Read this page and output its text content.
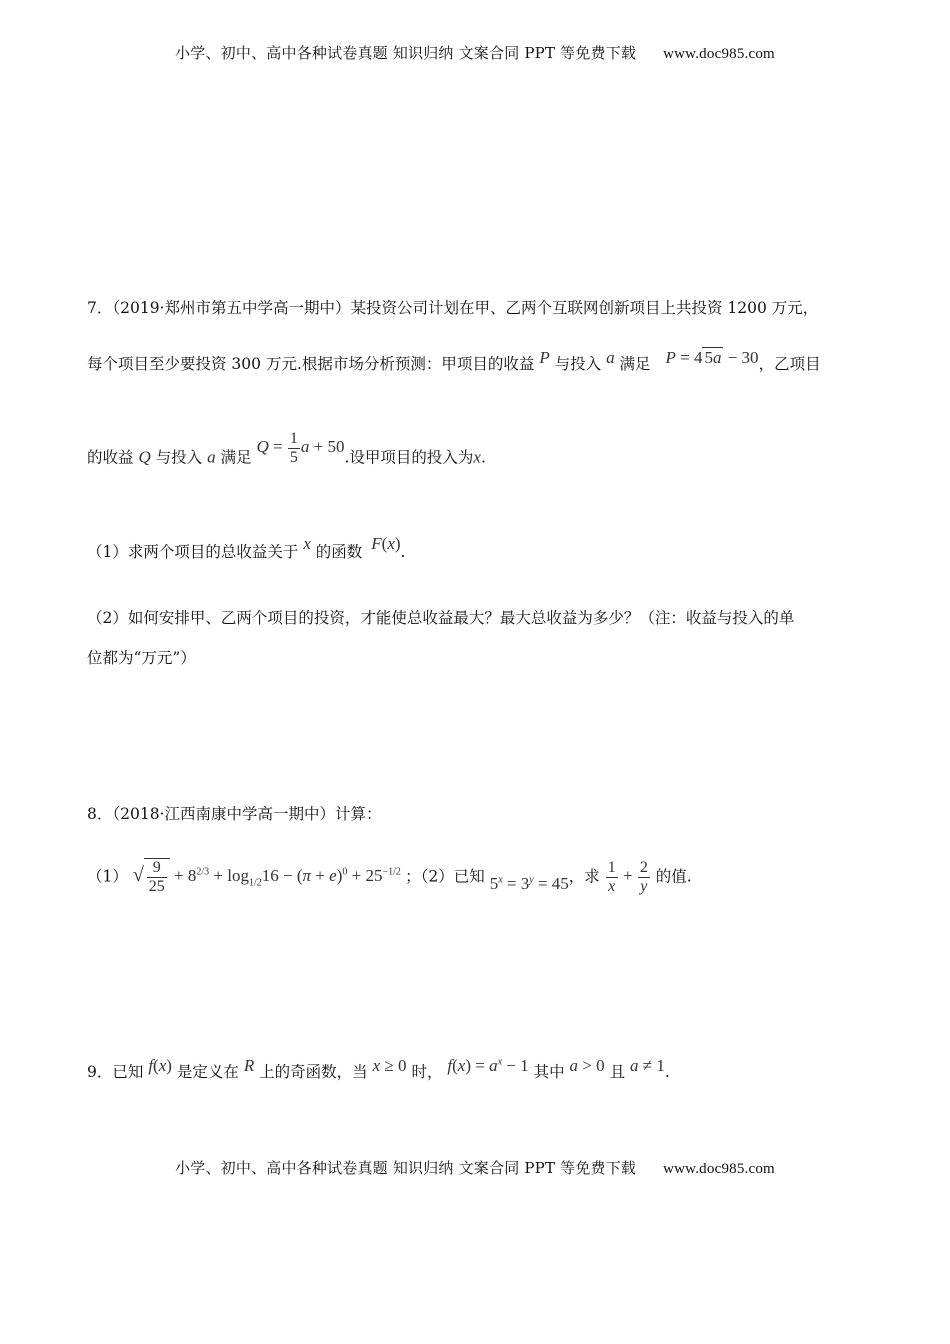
小学、初中、高中各种试卷真题 知识归纳 文案合同 PPT 等免费下载 www.doc985.com
7．（2019·郑州市第五中学高一期中）某投资公司计划在甲、乙两个互联网创新项目上共投资 1200 万元，
每个项目至少要投资 300 万元.根据市场分析预测：甲项目的收益 P 与投入 a 满足 P = 4 5a − 30，乙项目
的收益 Q 与投入 a 满足 $Q = \frac{1}{5}$ a + 50.设甲项目的投入为x.
（1）求两个项目的总收益关于 x 的函数 F(x).
（2）如何安排甲、乙两个项目的投资，才能使总收益最大？最大总收益为多少？（注：收益与投入的单
位都为“万元”）
8．（2018·江西南康中学高一期中）计算：
（1） √ $\frac{9}{25} + 8^{2/3} + \log_{1/2}16 - (\pi + e)^0 + 25^{-1/2}$ ；（2）已知 $5^x = 3^y = 45$，求 $\frac{1}{x} + \frac{2}{y}$ 的值.
9．已知 f(x) 是定义在 R 上的奇函数，当 x ≥ 0 时， $f(x) = a^x - 1$ 其中 a > 0 且 a ≠ 1.
小学、初中、高中各种试卷真题 知识归纳 文案合同 PPT 等免费下载 www.doc985.com
